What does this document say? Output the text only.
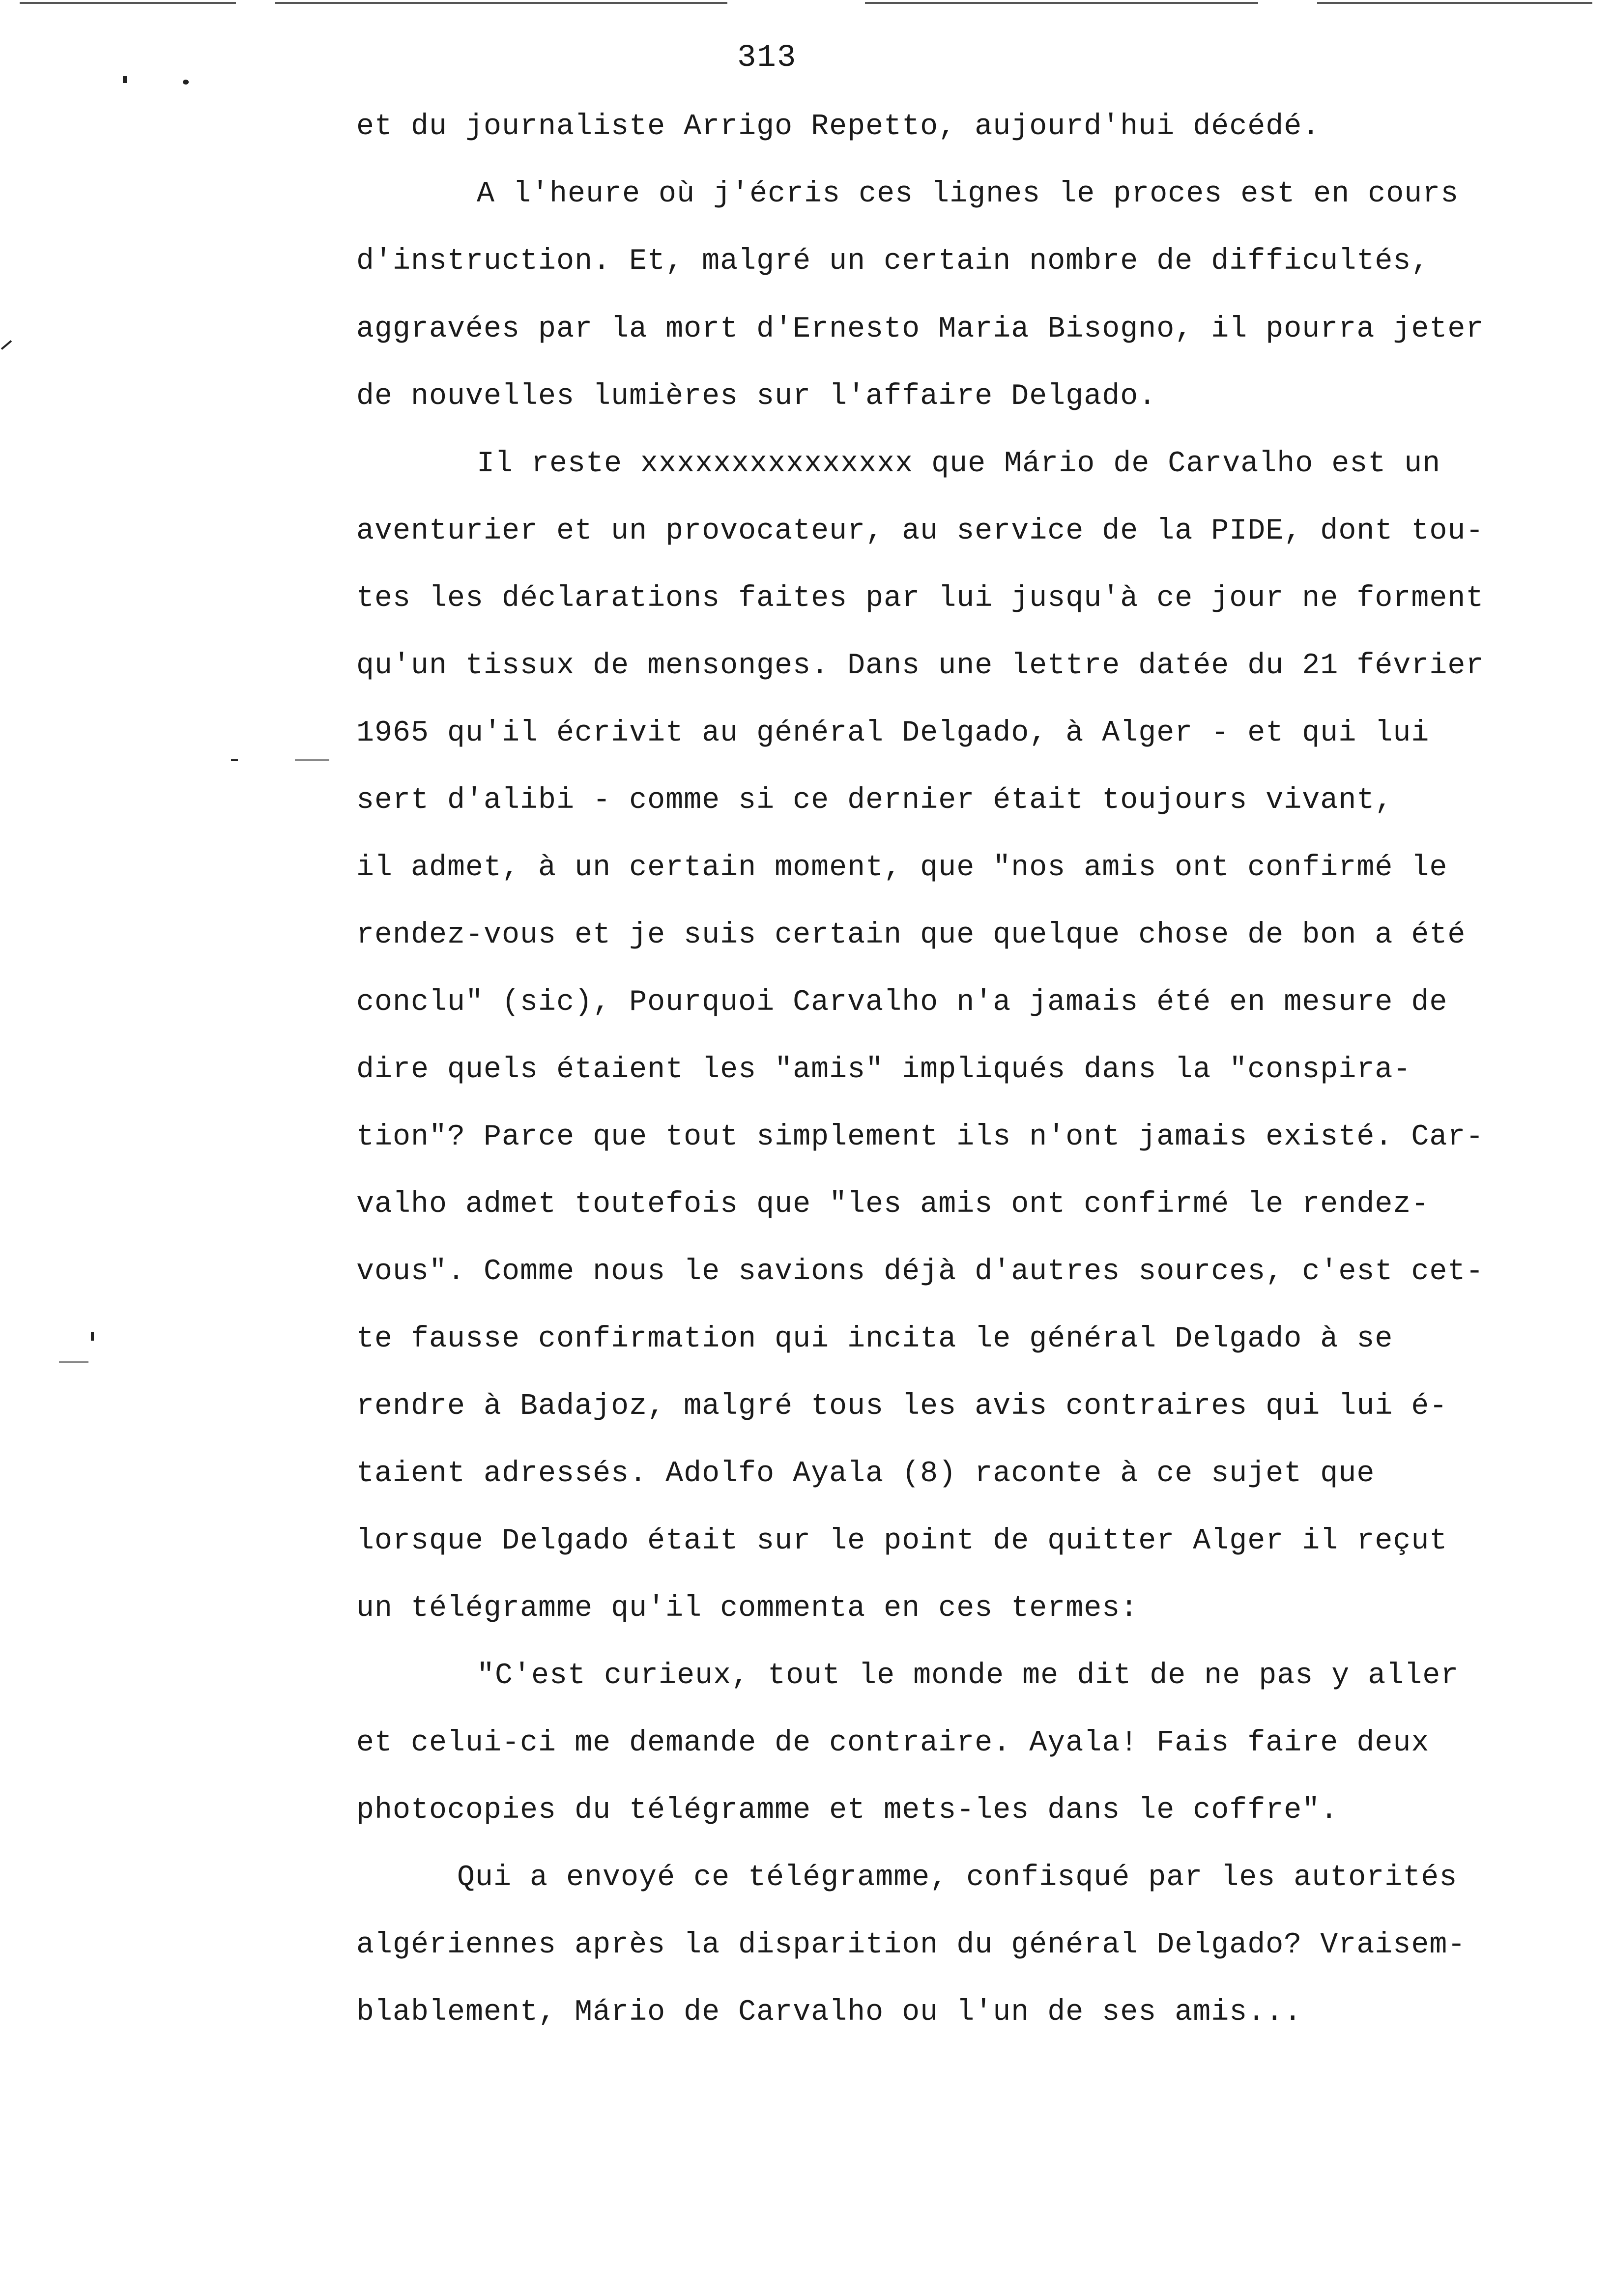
313
et du journaliste Arrigo Repetto, aujourd'hui décédé.
A l'heure où j'écris ces lignes le proces est en cours
d'instruction. Et, malgré un certain nombre de difficultés,
aggravées par la mort d'Ernesto Maria Bisogno, il pourra jeter
de nouvelles lumières sur l'affaire Delgado.
Il reste xxxxxxxxxxxxxxx que Mário de Carvalho est un
aventurier et un provocateur, au service de la PIDE, dont tou-
tes les déclarations faites par lui jusqu'à ce jour ne forment
qu'un tissux de mensonges. Dans une lettre datée du 21 février
1965 qu'il écrivit au général Delgado, à Alger - et qui lui
sert d'alibi - comme si ce dernier était toujours vivant,
il admet, à un certain moment, que "nos amis ont confirmé le
rendez-vous et je suis certain que quelque chose de bon a été
conclu" (sic), Pourquoi Carvalho n'a jamais été en mesure de
dire quels étaient les "amis" impliqués dans la "conspira-
tion"? Parce que tout simplement ils n'ont jamais existé. Car-
valho admet toutefois que "les amis ont confirmé le rendez-
vous". Comme nous le savions déjà d'autres sources, c'est cet-
te fausse confirmation qui incita le général Delgado à se
rendre à Badajoz, malgré tous les avis contraires qui lui é-
taient adressés. Adolfo Ayala (8) raconte à ce sujet que
lorsque Delgado était sur le point de quitter Alger il reçut
un télégramme qu'il commenta en ces termes:
"C'est curieux, tout le monde me dit de ne pas y aller
et celui-ci me demande de contraire. Ayala! Fais faire deux
photocopies du télégramme et mets-les dans le coffre".
Qui a envoyé ce télégramme, confisqué par les autorités
algériennes après la disparition du général Delgado? Vraisem-
blablement, Mário de Carvalho ou l'un de ses amis...
